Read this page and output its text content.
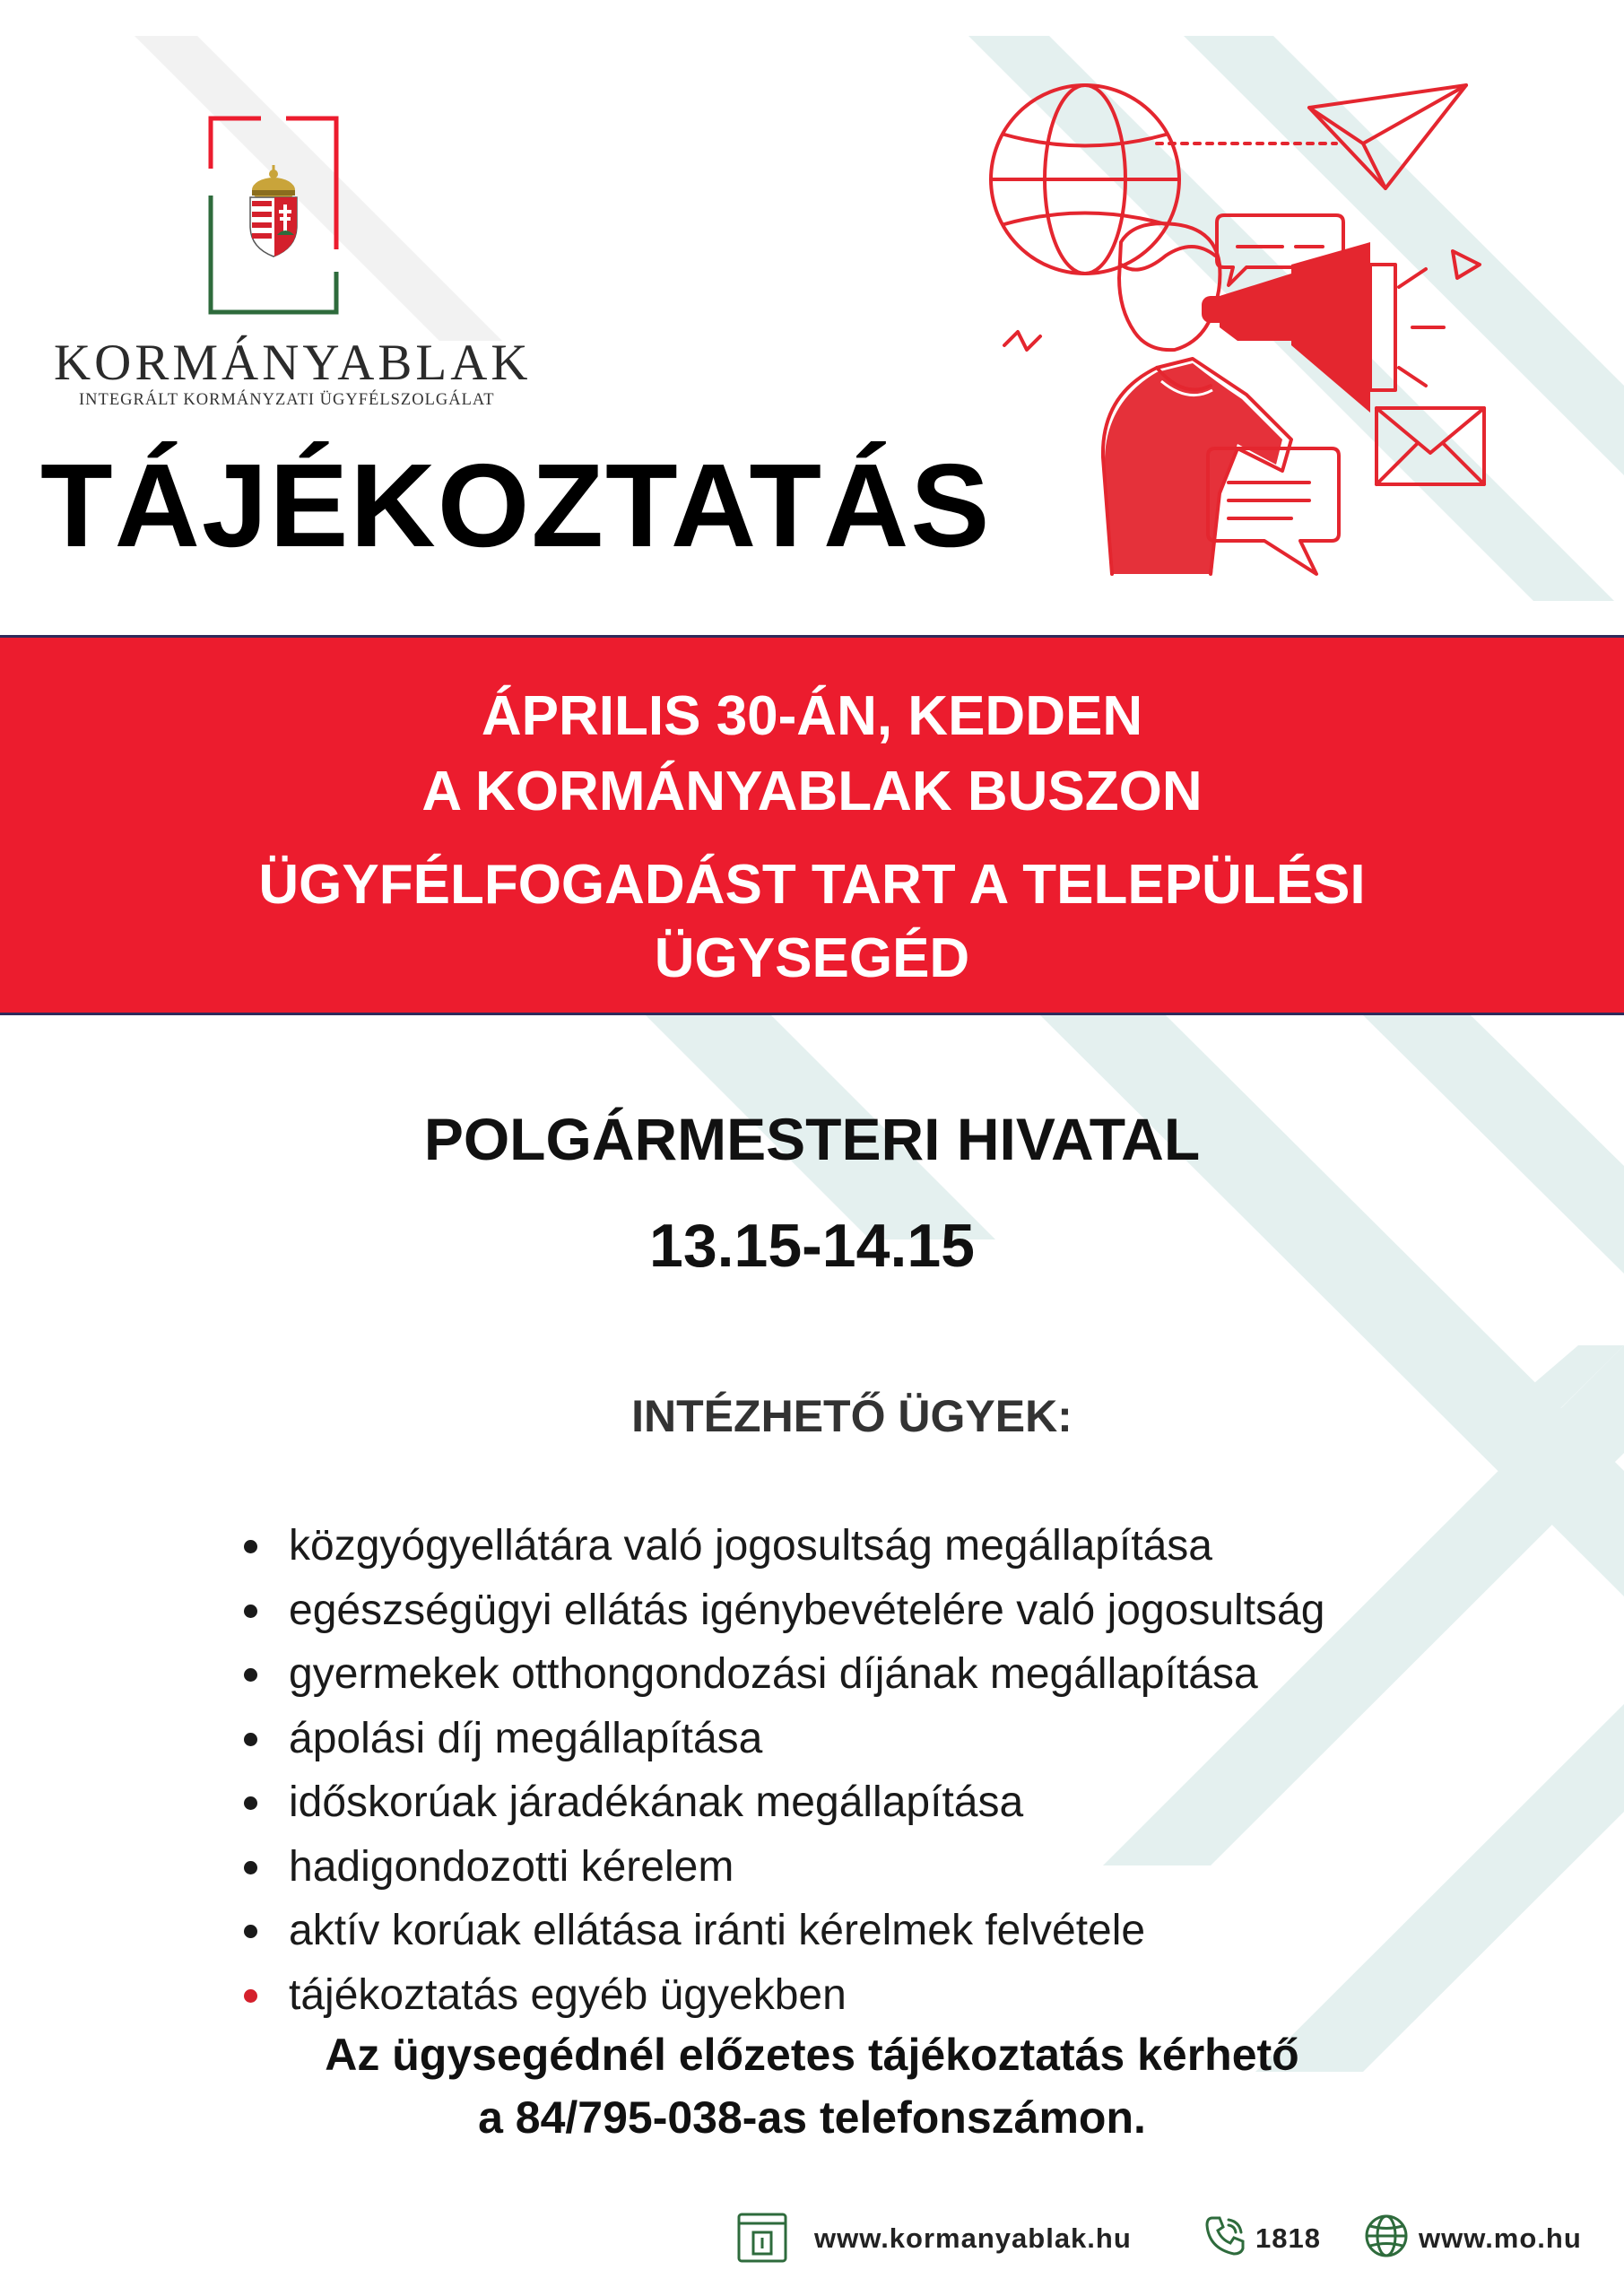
KORMÁNYABLAK
INTEGRÁLT KORMÁNYZATI ÜGYFÉLSZOLGÁLAT
TÁJÉKOZTATÁS
ÁPRILIS 30-ÁN, KEDDEN
A KORMÁNYABLAK BUSZON
ÜGYFÉLFOGADÁST TART A TELEPÜLÉSI
ÜGYSEGÉD
POLGÁRMESTERI HIVATAL
13.15-14.15
INTÉZHETŐ ÜGYEK:
közgyógyellátára való jogosultság megállapítása
egészségügyi ellátás igénybevételére való jogosultság
gyermekek otthongondozási díjának megállapítása
ápolási díj megállapítása
időskorúak járadékának megállapítása
hadigondozotti kérelem
aktív korúak ellátása iránti kérelmek felvétele
tájékoztatás egyéb ügyekben
Az ügysegédnél előzetes tájékoztatás kérhető
a 84/795-038-as telefonszámon.
www.kormanyablak.hu	1818	www.mo.hu
